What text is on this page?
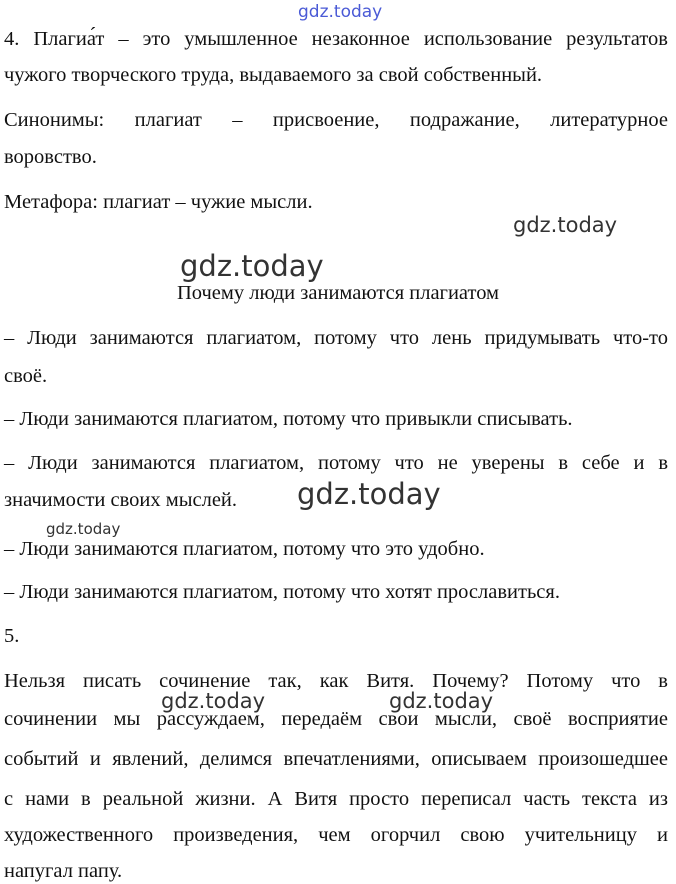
gdz.today

4. Плагиа́т – это умышленное незаконное использование результатов

чужого творческого труда, выдаваемого за свой собственный.

Синонимы: плагиат – присвоение, подражание, литературное

воровство.

Метафора: плагиат – чужие мысли.

gdz.today
gdz.today

Почему люди занимаются плагиатом

– Люди занимаются плагиатом, потому что лень придумывать что-то

своё.

– Люди занимаются плагиатом, потому что привыкли списывать.

– Люди занимаются плагиатом, потому что не уверены в себе и в

значимости своих мыслей.	gdz.today
gdz.today

– Люди занимаются плагиатом, потому что это удобно.

– Люди занимаются плагиатом, потому что хотят прославиться.

5.

Нельзя писать сочинение так, как Витя. Почему? Потому что в

gdz.today	gdz.today

сочинении мы рассуждаем, передаём свои мысли, своё восприятие

событий и явлений, делимся впечатлениями, описываем произошедшее

с нами в реальной жизни. А Витя просто переписал часть текста из

художественного произведения, чем огорчил свою учительницу и

напугал папу.
